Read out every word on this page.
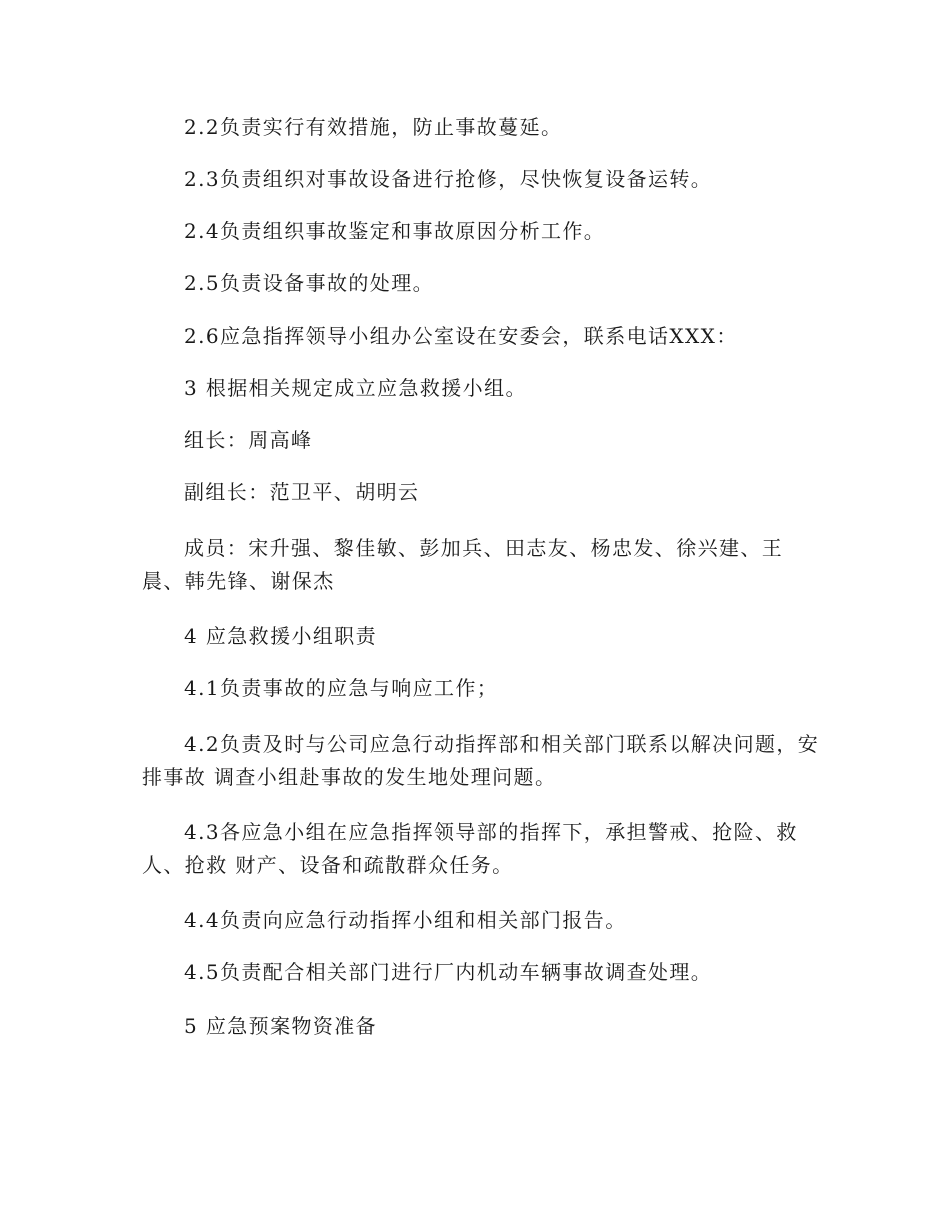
2.2负责实行有效措施，防止事故蔓延。

2.3负责组织对事故设备进行抢修，尽快恢复设备运转。

2.4负责组织事故鉴定和事故原因分析工作。

2.5负责设备事故的处理。

2.6应急指挥领导小组办公室设在安委会，联系电话XXX：

3 根据相关规定成立应急救援小组。

组长：周高峰

副组长：范卫平、胡明云

成员：宋升强、黎佳敏、彭加兵、田志友、杨忠发、徐兴建、王晨、韩先锋、谢保杰

4 应急救援小组职责

4.1负责事故的应急与响应工作；

4.2负责及时与公司应急行动指挥部和相关部门联系以解决问题，安排事故 调查小组赴事故的发生地处理问题。

4.3各应急小组在应急指挥领导部的指挥下，承担警戒、抢险、救人、抢救 财产、设备和疏散群众任务。

4.4负责向应急行动指挥小组和相关部门报告。

4.5负责配合相关部门进行厂内机动车辆事故调查处理。

5 应急预案物资准备
